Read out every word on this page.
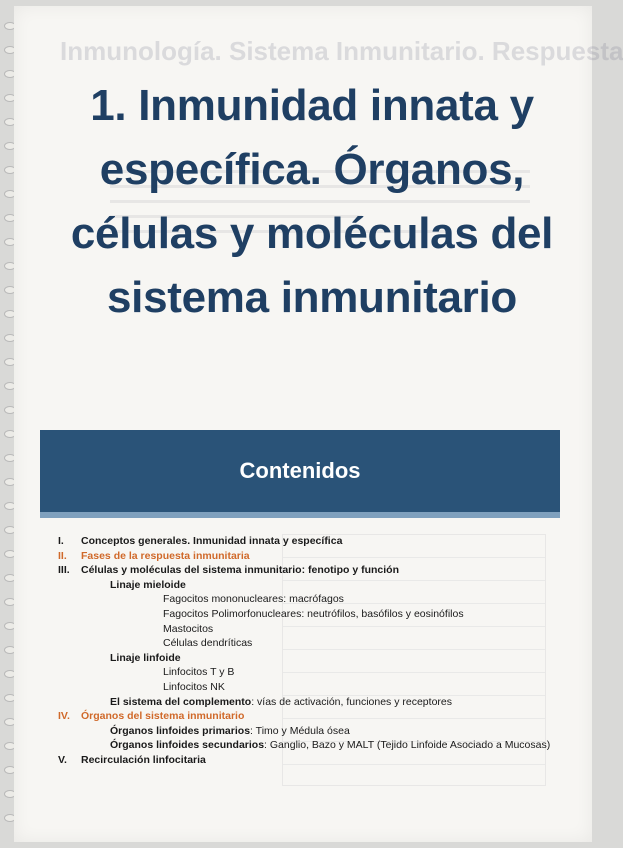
Inmunología. Sistema Inmunitario. Respuesta
1. Inmunidad innata y específica. Órganos, células y moléculas del sistema inmunitario
Contenidos
I.	Conceptos generales. Inmunidad innata y específica
II.	Fases de la respuesta inmunitaria
III.	Células y moléculas del sistema inmunitario: fenotipo y función
Linaje mieloide
Fagocitos mononucleares: macrófagos
Fagocitos Polimorfonucleares: neutrófilos, basófilos y eosinófilos
Mastocitos
Células dendríticas
Linaje linfoide
Linfocitos T y B
Linfocitos NK
El sistema del complemento : vías de activación, funciones y receptores
IV.	Órganos del sistema inmunitario
Órganos linfoides primarios : Timo y Médula ósea
Órganos linfoides secundarios : Ganglio, Bazo y MALT (Tejido Linfoide Asociado a Mucosas)
V.	Recirculación linfocitaria
